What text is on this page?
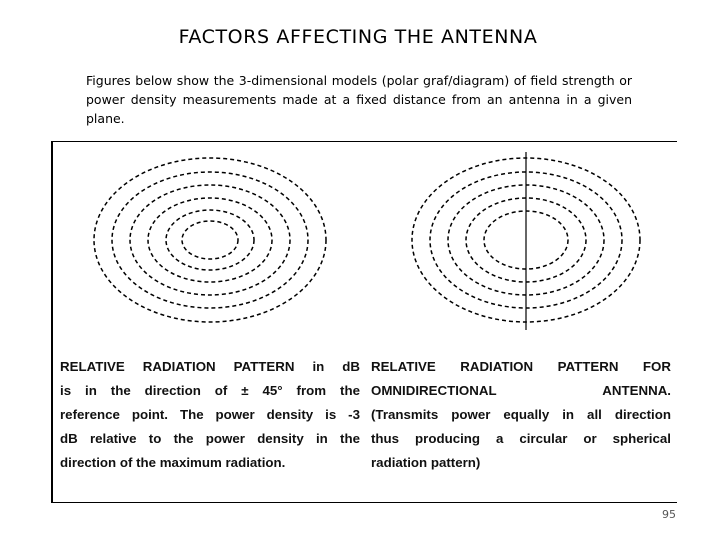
FACTORS AFFECTING THE ANTENNA
Figures below show the 3-dimensional models (polar graf/diagram) of field strength or power density measurements made at a fixed distance from an antenna in a given plane.
RELATIVE RADIATION PATTERN in dB
is in the direction of ± 45° from the
reference point. The power density is -3
dB relative to the power density in the
direction of the maximum radiation.
RELATIVE RADIATION PATTERN FOR
OMNIDIRECTIONAL ANTENNA.
(Transmits power equally in all direction
thus producing a circular or spherical
radiation pattern)
95
